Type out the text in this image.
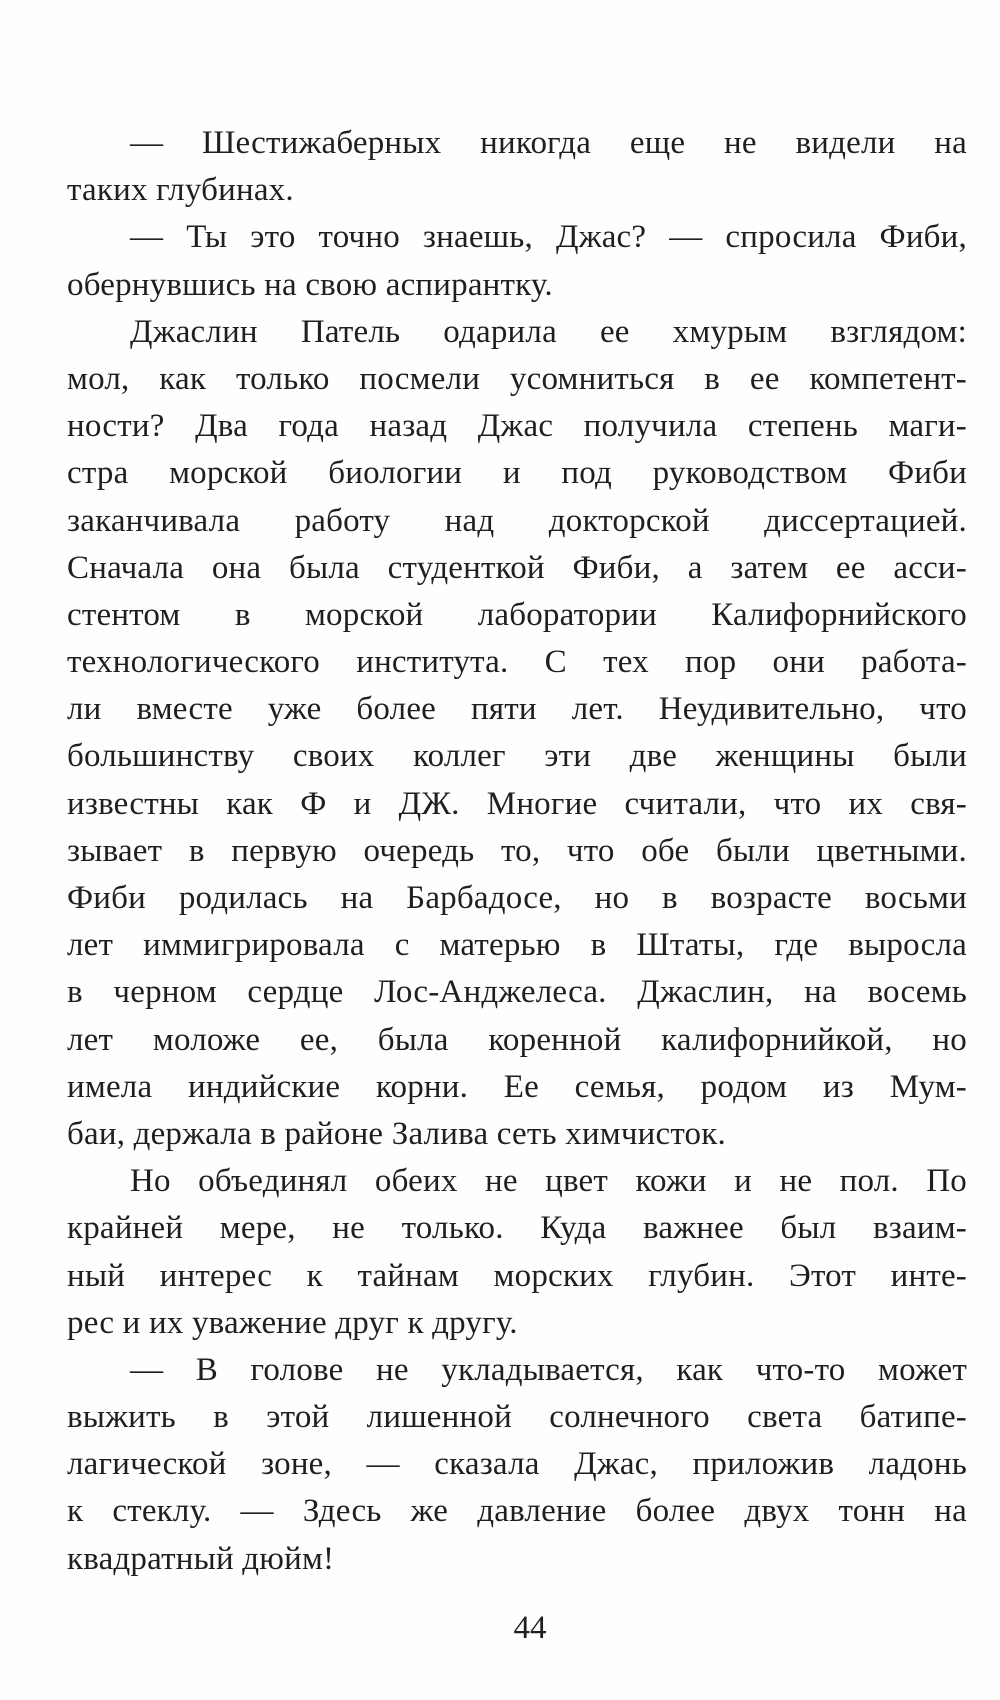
— Шестижаберных никогда еще не видели на
таких глубинах.
— Ты это точно знаешь, Джас? — спросила Фиби,
обернувшись на свою аспирантку.
Джаслин Патель одарила ее хмурым взглядом:
мол, как только посмели усомниться в ее компетент-
ности? Два года назад Джас получила степень маги-
стра морской биологии и под руководством Фиби
заканчивала работу над докторской диссертацией.
Сначала она была студенткой Фиби, а затем ее асси-
стентом в морской лаборатории Калифорнийского
технологического института. С тех пор они работа-
ли вместе уже более пяти лет. Неудивительно, что
большинству своих коллег эти две женщины были
известны как Ф и ДЖ. Многие считали, что их свя-
зывает в первую очередь то, что обе были цветными.
Фиби родилась на Барбадосе, но в возрасте восьми
лет иммигрировала с матерью в Штаты, где выросла
в черном сердце Лос-Анджелеса. Джаслин, на восемь
лет моложе ее, была коренной калифорнийкой, но
имела индийские корни. Ее семья, родом из Мум-
баи, держала в районе Залива сеть химчисток.
Но объединял обеих не цвет кожи и не пол. По
крайней мере, не только. Куда важнее был взаим-
ный интерес к тайнам морских глубин. Этот инте-
рес и их уважение друг к другу.
— В голове не укладывается, как что-то может
выжить в этой лишенной солнечного света батипе-
лагической зоне, — сказала Джас, приложив ладонь
к стеклу. — Здесь же давление более двух тонн на
квадратный дюйм!
44
